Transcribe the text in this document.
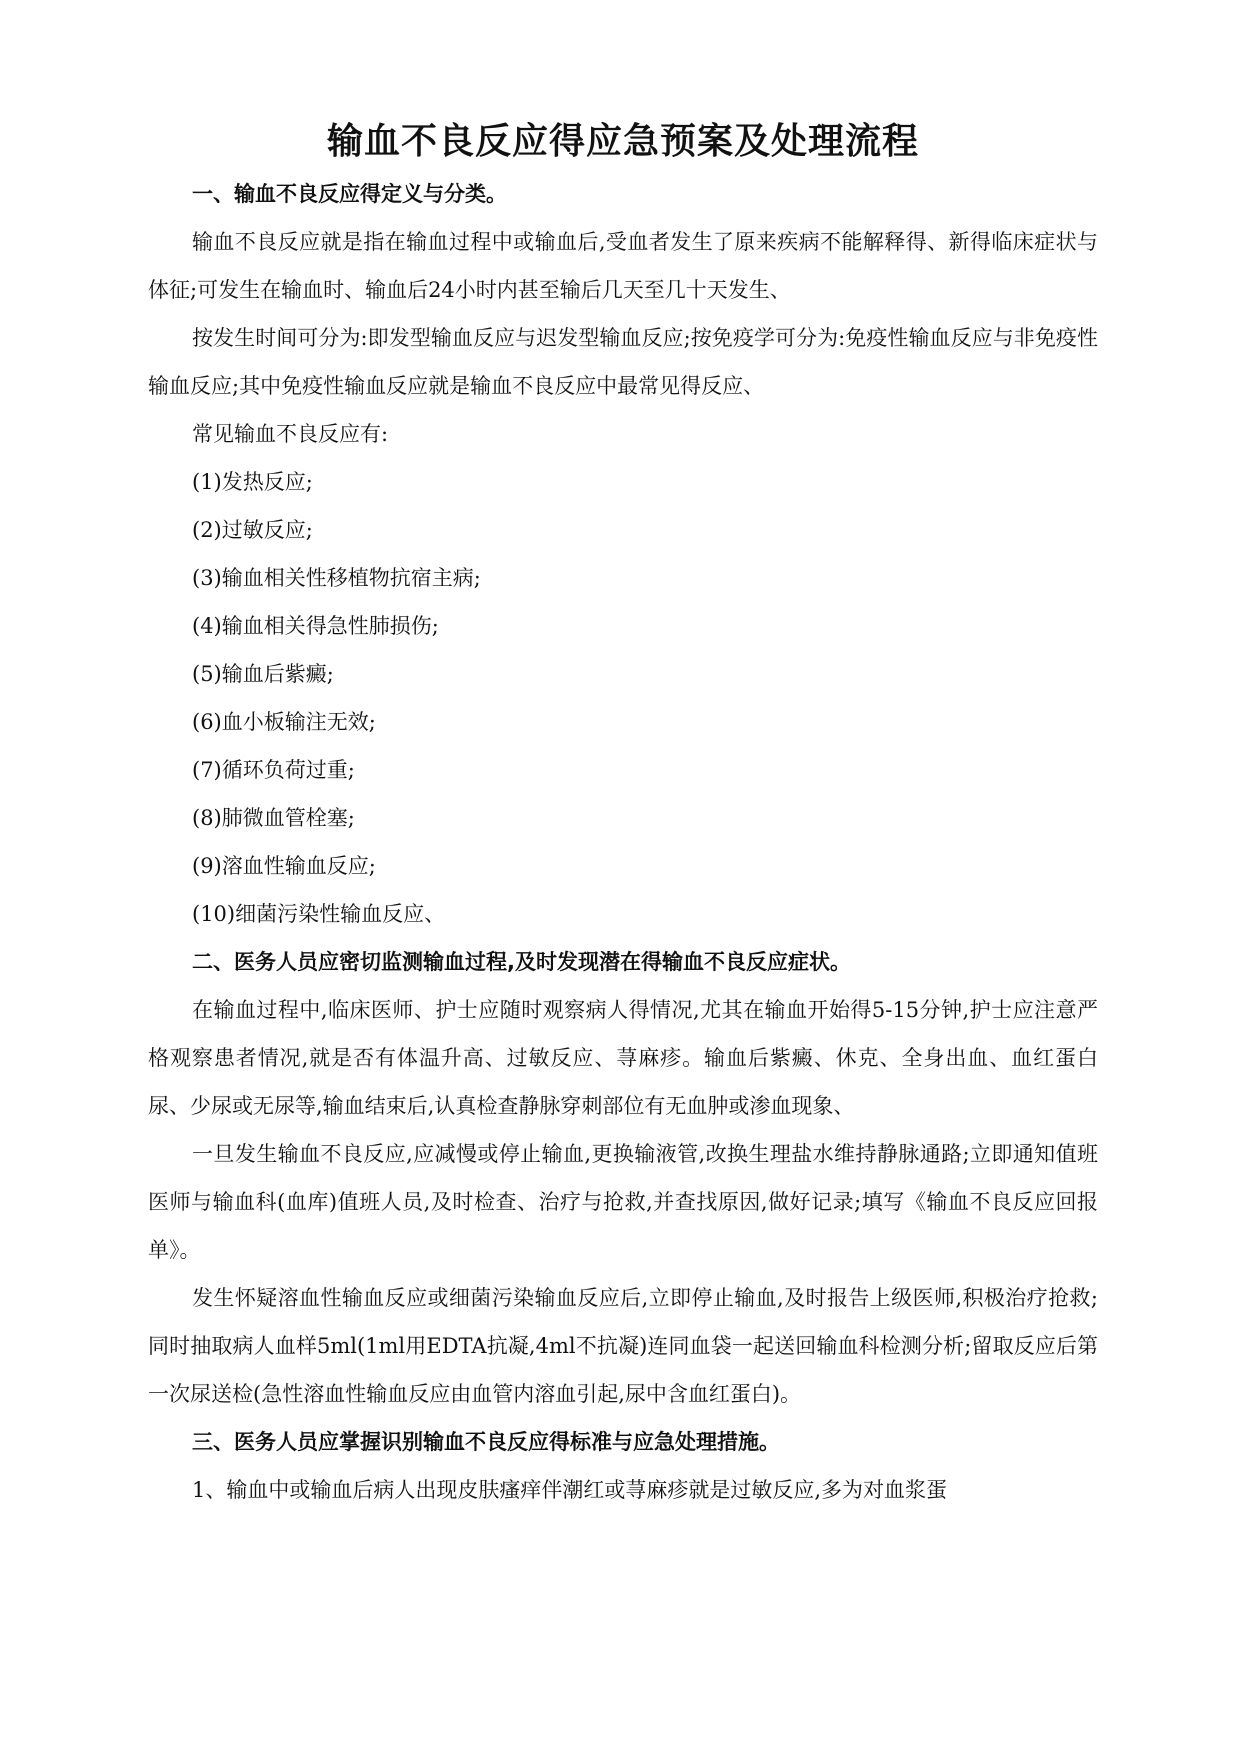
输血不良反应得应急预案及处理流程
一、输血不良反应得定义与分类。

输血不良反应就是指在输血过程中或输血后,受血者发生了原来疾病不能解释得、新得临床症状与体征;可发生在输血时、输血后24小时内甚至输后几天至几十天发生、

按发生时间可分为:即发型输血反应与迟发型输血反应;按免疫学可分为:免疫性输血反应与非免疫性输血反应;其中免疫性输血反应就是输血不良反应中最常见得反应、

常见输血不良反应有:

(1)发热反应;
(2)过敏反应;
(3)输血相关性移植物抗宿主病;
(4)输血相关得急性肺损伤;
(5)输血后紫癜;
(6)血小板输注无效;
(7)循环负荷过重;
(8)肺微血管栓塞;
(9)溶血性输血反应;
(10)细菌污染性输血反应、
二、医务人员应密切监测输血过程,及时发现潜在得输血不良反应症状。

在输血过程中,临床医师、护士应随时观察病人得情况,尤其在输血开始得5-15分钟,护士应注意严格观察患者情况,就是否有体温升高、过敏反应、荨麻疹。输血后紫癜、休克、全身出血、血红蛋白尿、少尿或无尿等,输血结束后,认真检查静脉穿刺部位有无血肿或渗血现象、

一旦发生输血不良反应,应减慢或停止输血,更换输液管,改换生理盐水维持静脉通路;立即通知值班医师与输血科(血库)值班人员,及时检查、治疗与抢救,并查找原因,做好记录;填写《输血不良反应回报单》。

发生怀疑溶血性输血反应或细菌污染输血反应后,立即停止输血,及时报告上级医师,积极治疗抢救;同时抽取病人血样5ml(1ml用EDTA抗凝,4ml不抗凝)连同血袋一起送回输血科检测分析;留取反应后第一次尿送检(急性溶血性输血反应由血管内溶血引起,尿中含血红蛋白)。

三、医务人员应掌握识别输血不良反应得标准与应急处理措施。

1、输血中或输血后病人出现皮肤瘙痒伴潮红或荨麻疹就是过敏反应,多为对血浆蛋
